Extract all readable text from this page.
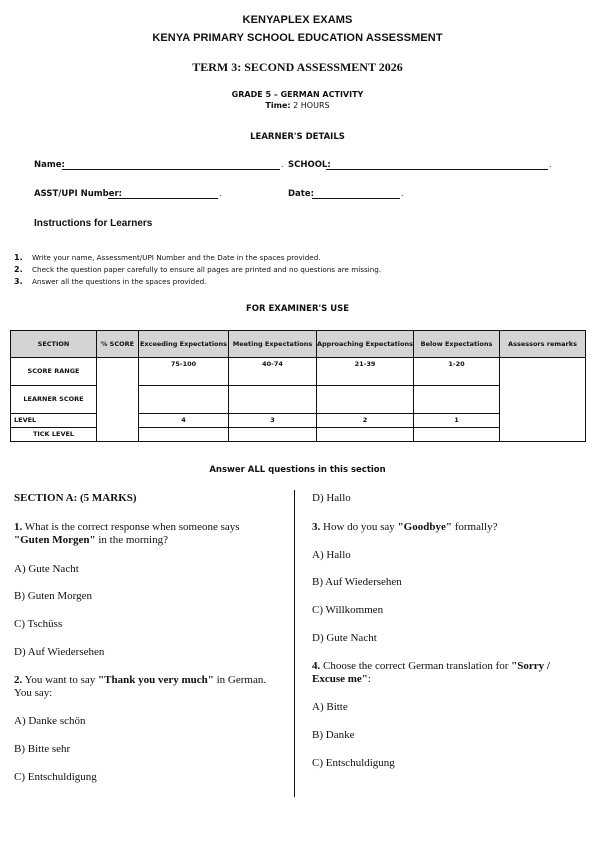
KENYAPLEX EXAMS
KENYA PRIMARY SCHOOL EDUCATION ASSESSMENT
TERM 3: SECOND ASSESSMENT 2026
GRADE 5 – GERMAN ACTIVITY
Time: 2 HOURS
LEARNER'S DETAILS
Name:	. SCHOOL:	.
ASST/UPI Number:	.	Date:	.
Instructions for Learners
1. Write your name, Assessment/UPI Number and the Date in the spaces provided.
2. Check the question paper carefully to ensure all pages are printed and no questions are missing.
3. Answer all the questions in the spaces provided.
FOR EXAMINER'S USE
SECTION	% SCORE	Exceeding Expectations	Meeting Expectations	Approaching Expectations	Below Expectations	Assessors remarks
SCORE RANGE		75-100	40-74	21-39	1-20	
LEARNER SCORE						
LEVEL		4	3	2	1	
TICK LEVEL						
Answer ALL questions in this section
SECTION A: (5 MARKS)
1. What is the correct response when someone says "Guten Morgen" in the morning?
A) Gute Nacht
B) Guten Morgen
C) Tschüss
D) Auf Wiedersehen
2. You want to say "Thank you very much" in German. You say:
A) Danke schön
B) Bitte sehr
C) Entschuldigung
D) Hallo
3. How do you say "Goodbye" formally?
A) Hallo
B) Auf Wiedersehen
C) Willkommen
D) Gute Nacht
4. Choose the correct German translation for "Sorry / Excuse me":
A) Bitte
B) Danke
C) Entschuldigung
